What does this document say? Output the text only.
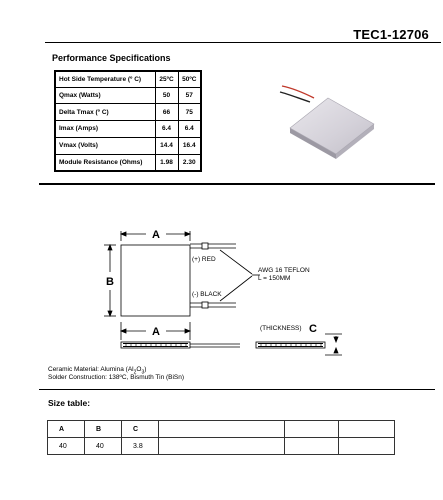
TEC1-12706
Performance Specifications
Hot Side Temperature (º C)	25ºC	50ºC
Qmax (Watts)	50	57
Delta Tmax (º C)	66	75
Imax (Amps)	6.4	6.4
Vmax (Volts)	14.4	16.4
Module Resistance (Ohms)	1.98	2.30
A
B
(+) RED
(-) BLACK
AWG 16 TEFLON
L = 150MM
A	(THICKNESS) C
Ceramic Material: Alumina $(Al_2O_3)$
Solder Construction: 138ºC, Bismuth Tin (BiSn)
Size table:
A	B	C			
40	40	3.8			
